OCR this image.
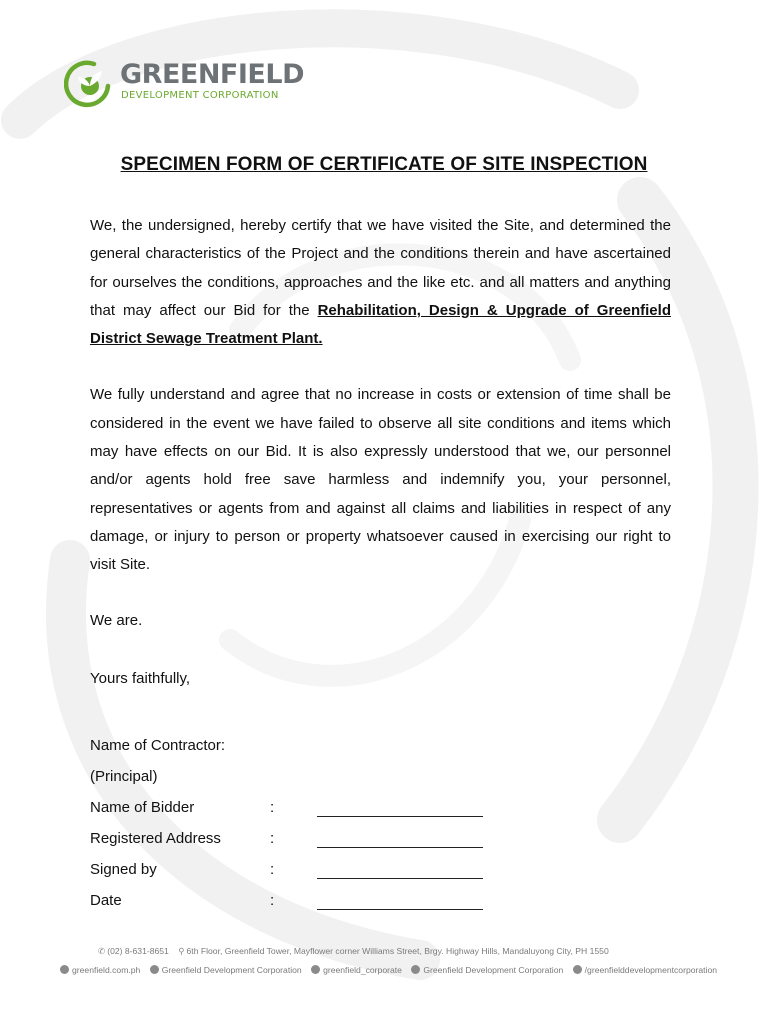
GREENFIELD
DEVELOPMENT CORPORATION
SPECIMEN FORM OF CERTIFICATE OF SITE INSPECTION

We, the undersigned, hereby certify that we have visited the Site, and determined the general characteristics of the Project and the conditions therein and have ascertained for ourselves the conditions, approaches and the like etc. and all matters and anything that may affect our Bid for the Rehabilitation, Design & Upgrade of Greenfield District Sewage Treatment Plant.

We fully understand and agree that no increase in costs or extension of time shall be considered in the event we have failed to observe all site conditions and items which may have effects on our Bid. It is also expressly understood that we, our personnel and/or agents hold free save harmless and indemnify you, your personnel, representatives or agents from and against all claims and liabilities in respect of any damage, or injury to person or property whatsoever caused in exercising our right to visit Site.

We are.
Yours faithfully,
Name of Contractor:
(Principal)
Name of Bidder	:
Registered Address	:
Signed by	:
Date	:
✆ (02) 8-631-8651 ⚲ 6th Floor, Greenfield Tower, Mayflower corner Williams Street, Brgy. Highway Hills, Mandaluyong City, PH 1550
greenfield.com.ph Greenfield Development Corporation greenfield_corporate Greenfield Development Corporation /greenfielddevelopmentcorporation
